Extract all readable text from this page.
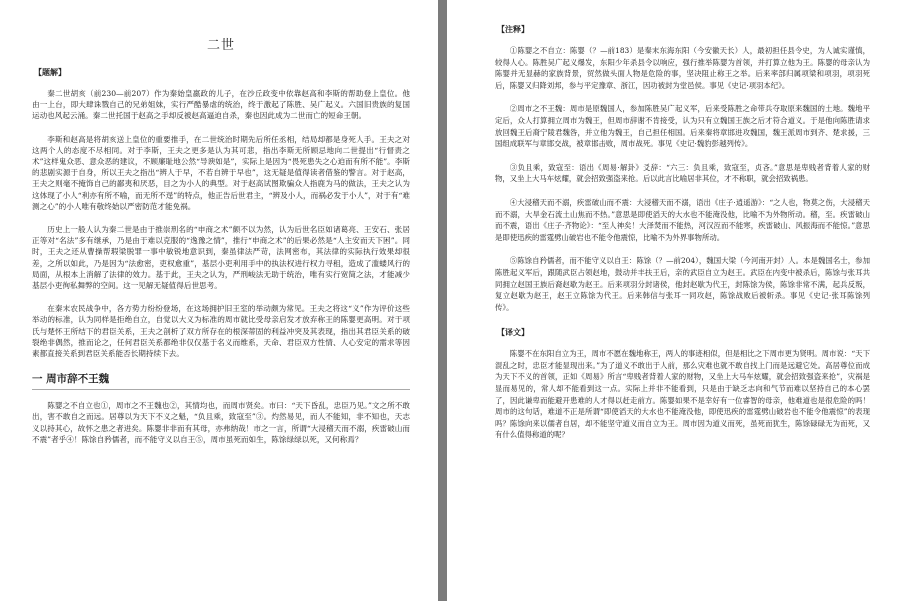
二世
【题解】

秦二世胡亥（前230—前207）作为秦始皇嬴政的儿子，在沙丘政变中依靠赵高和李斯的帮助登上皇位。他由一上台，即大肆诛戮自己的兄弟姐妹，实行严酷暴虐的统治，终于激起了陈胜、吴广起义。六国旧贵族的复国运动也风起云涌。秦二世托国于赵高之手却反被赵高逼迫自杀，秦也因此成为二世而亡的短命王朝。

李斯和赵高是将胡亥送上皇位的重要推手，在二世统治时期先后所任丞相，结局却都是身死人手。王夫之对这两个人的态度不尽相同。对于李斯，王夫之更多是认为其可悲，指出李斯无所顾忌地向二世提出“行督责之术”这样鬼众恶、意众恶的建议，不顾廉耻地公然“导谀如是”，实际上是因为“畏死患失之心迫而有所不能”。李斯的悲剧实源于自身，所以王夫之指出“辨人于早，不若自辨于早也”，这无疑是值得读者借鉴的警言。对于赵高，王夫之则毫不掩饰自己的鄙夷和厌恶，目之为小人的典型。对于赵高试图欺骗众人指鹿为马的做法，王夫之认为这体现了小人“利亦有所不喻，而无所不逞”的特点，他正告后世君主，“辨及小人，而祸必发于小人”，对于有“难测之心”的小人唯有敬终始以严密防范才能免祸。

历史上一般人认为秦二世是由于推崇刑名的“申商之术”颇不以为然，认为后世名臣如诸葛亮、王安石、张居正等对“名法”多有继承，乃是由于难以克服的“逸豫之情”，推行“申商之术”的后果必然是“人主安而天下困”。同时，王夫之还从曹操帮瑕梁脱罪一事中敏锐地意识到，秦虽律法严苛，法网密布，其法律的实际执行效果却很差，之所以如此，乃是因为“法愈密，吏权愈重”，基层小吏利用手中的执法权进行权力寻租，造成了滥蝼风行的局面，从根本上消解了法律的效力。基于此，王夫之认为，严刑峻法无助于统治，唯有实行宽简之法，才能减少基层小吏徇私舞弊的空间。这一见解无疑值得后世思考。

在秦末农民战争中，各方势力纷纷登场，在这场拥护旧王室的举动颇为常见。王夫之将这“义”作为评价这些举动的标准，认为同样是拒绝自立，自觉以大义为标准的周市就比受母亲启发才放弃称王的陈婴更高明。对于项氏与楚怀王所结下的君臣关系，王夫之剖析了双方所存在的根深蒂固的利益冲突及其表现，指出其君臣关系的破裂绝非偶然，推而论之，任何君臣关系都绝非仅仅基于名义而维系，天命、君臣双方性情、人心安定的需求等因素都直接关系到君臣关系能否长期持续下去。

一 周市辞不王魏

陈婴之不自立也①，周市之不王魏也②，其情均也，而周市贤矣。市曰：“天下昏乱，忠臣乃见。”文之所不敢出，害不敢自之而远。居尊以为天下不义之魁，“负且乘，致寇至”③。灼然易见，而人不能知，非不知也，天志义以持其心，故怀之患之者进矣。陈婴非非而有其母，亦弗纳哉！市之一言，所谓“大浸稽天而不溺，疾雷破山而不震”者乎④！陈馀自矜儒者，而不能守义以自王⑤，周市虽死而如生，陈馀绿绿以死，又何称焉？

【注释】

①陈婴之不自立：陈婴（？—前183）是秦末东海东阳（今安徽天长）人，最初担任县令史，为人诚实谨慎，较得人心。陈胜吴广起义爆发，东阳少年杀县令以响应，强行推举陈婴为首领，并打算立他为王。陈婴的母亲认为陈婴并无显赫的家族背景，贸然做头面人物是危险的事，坚决阻止称王之举。后来率部归属项梁和项羽，项羽死后，陈婴又归降刘邦，参与平定豫章、浙江，因功被封为堂邑侯。事见《史记·项羽本纪》。

②周市之不王魏：周市是原魏国人，参加陈胜吴广起义军，后来受陈胜之命带兵夺取原来魏国的土地。魏地平定后，众人打算拥立周市为魏王，但周市辞谢不肯接受，认为只有立魏国王族之后才符合道义。于是他向陈胜请求放回魏王后裔宁陵君魏咎，并立他为魏王，自己担任相国。后来秦将章邯进攻魏国，魏王派周市到齐、楚求援，三国组成联军与章邯交战，被章邯击败，周市战死。事见《史记·魏豹彭越列传》。

③负且乘，致寇至：语出《周易·解卦》爻辞：“六三：负且乘，致寇至，贞吝。”意思是卑贱者背着人家的财物，又坐上大马车炫耀，就会招致强盗来抢。后以此言比喻居非其位，才不称职，就会招致祸患。

④大浸稽天而不溺，疾雷破山而不震：大浸稽天而不溺，语出《庄子·逍遥游》：“之人也，物莫之伤，大浸稽天而不溺，大旱金石流土山焦而不热。”意思是即使滔天的大水也不能淹没他，比喻不为外物所动。稽，至。疾雷破山而不震，语出《庄子·齐物论》：“至人神矣！大泽焚而不能热，河汉沍而不能寒，疾雷破山、风振海而不能惊。”意思是即使迅疾的雷霆劈山破岩也不能令他震惊，比喻不为外界事物所动。

⑤陈馀自矜儒者，而不能守义以自王：陈馀（？—前204），魏国大梁（今河南开封）人。本是魏国名士，参加陈胜起义军后，跟随武臣占领赵地，鼓动并丰扶王后，亲的武臣自立为赵王。武臣在内变中被杀后，陈馀与张耳共同拥立赵国王族后裔赵歇为赵王。后来项羽分封诸侯，他封赵歇为代王，封陈馀为侯，陈馀非常不满，起兵反叛，复立赵歇为赵王，赵王立陈馀为代王。后来韩信与张耳一同攻赵，陈馀战败后被斩杀。事见《史记·张耳陈馀列传》。

【译文】

陈婴不在东阳自立为王，周市不愿在魏地称王，两人的事迹相似，但是相比之下周市更为贤明。周市说：“天下混乱之时，忠臣才能显现出来。”为了道义不敢出于人前，那么灾难也就不敢自找上门而是远避它处。高居尊位而成为天下不义的首领，正如《周易》所言“卑贱者背着人家的财物，又坐上大马车炫耀，就会招致强盗来抢”，灾祸是显而易见的，常人却不能看到这一点。实际上并非不能看到，只是由于缺乏志向和气节而难以坚持自己的本心罢了，因此谦卑而能避开患难的人才得以赶走前方。陈婴如果不是幸好有一位睿智的母亲，他难道也是很危险的吗！周市的这句话，难道不正是所谓“即使滔天的大水也不能淹没他，即使迅疾的雷霆劈山破岩也不能令他震惊”的表现吗？陈馀向来以儒者自居，却不能坚守道义而自立为王。周市因为道义而死，虽死而犹生，陈馀碌碌无为而死，又有什么值得称道的呢？
